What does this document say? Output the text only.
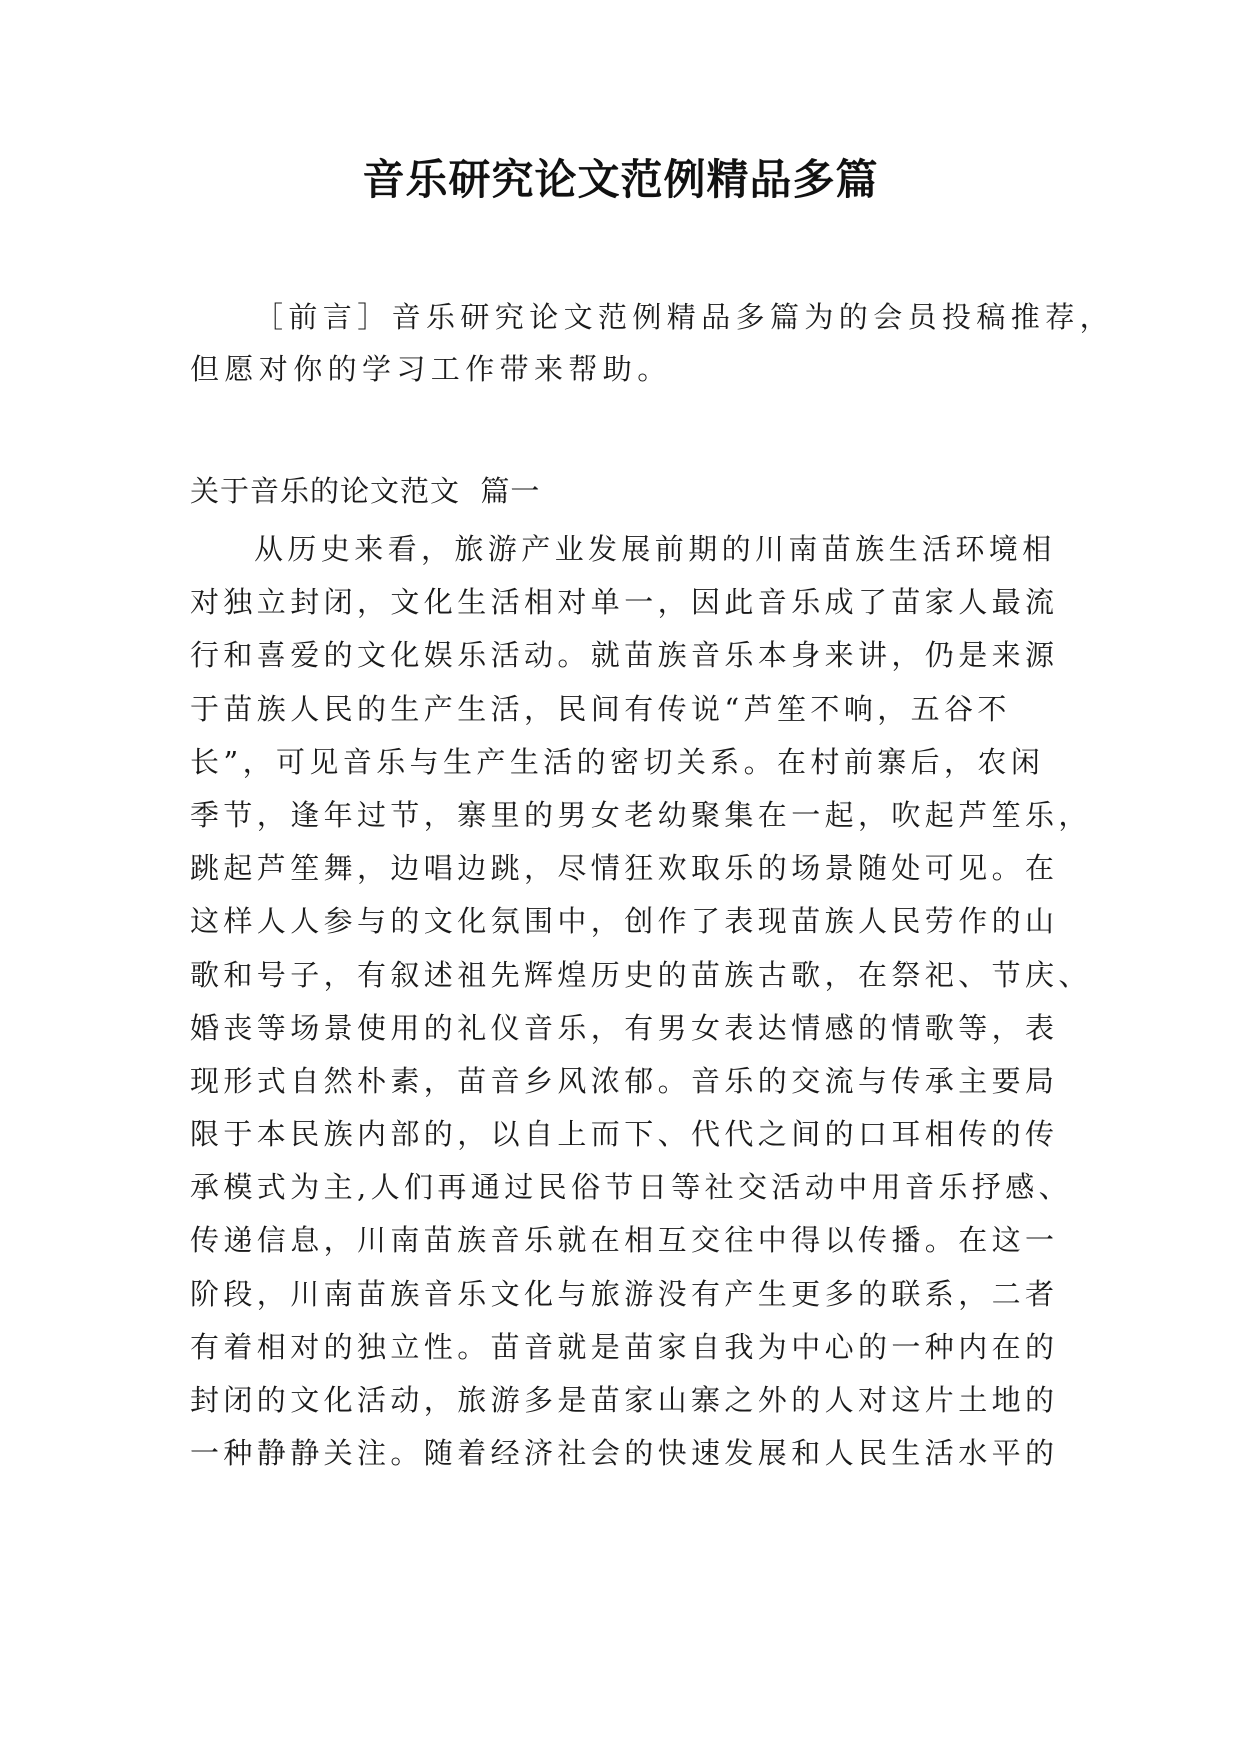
音乐研究论文范例精品多篇
［前言］音乐研究论文范例精品多篇为的会员投稿推荐，
但愿对你的学习工作带来帮助。
关于音乐的论文范文  篇一
从历史来看，旅游产业发展前期的川南苗族生活环境相
对独立封闭，文化生活相对单一，因此音乐成了苗家人最流
行和喜爱的文化娱乐活动。就苗族音乐本身来讲，仍是来源
于苗族人民的生产生活，民间有传说“芦笙不响，五谷不
长”，可见音乐与生产生活的密切关系。在村前寨后，农闲
季节，逢年过节，寨里的男女老幼聚集在一起，吹起芦笙乐，
跳起芦笙舞，边唱边跳，尽情狂欢取乐的场景随处可见。在
这样人人参与的文化氛围中，创作了表现苗族人民劳作的山
歌和号子，有叙述祖先辉煌历史的苗族古歌，在祭祀、节庆、
婚丧等场景使用的礼仪音乐，有男女表达情感的情歌等，表
现形式自然朴素，苗音乡风浓郁。音乐的交流与传承主要局
限于本民族内部的，以自上而下、代代之间的口耳相传的传
承模式为主,人们再通过民俗节日等社交活动中用音乐抒感、
传递信息，川南苗族音乐就在相互交往中得以传播。在这一
阶段，川南苗族音乐文化与旅游没有产生更多的联系，二者
有着相对的独立性。苗音就是苗家自我为中心的一种内在的
封闭的文化活动，旅游多是苗家山寨之外的人对这片土地的
一种静静关注。随着经济社会的快速发展和人民生活水平的
